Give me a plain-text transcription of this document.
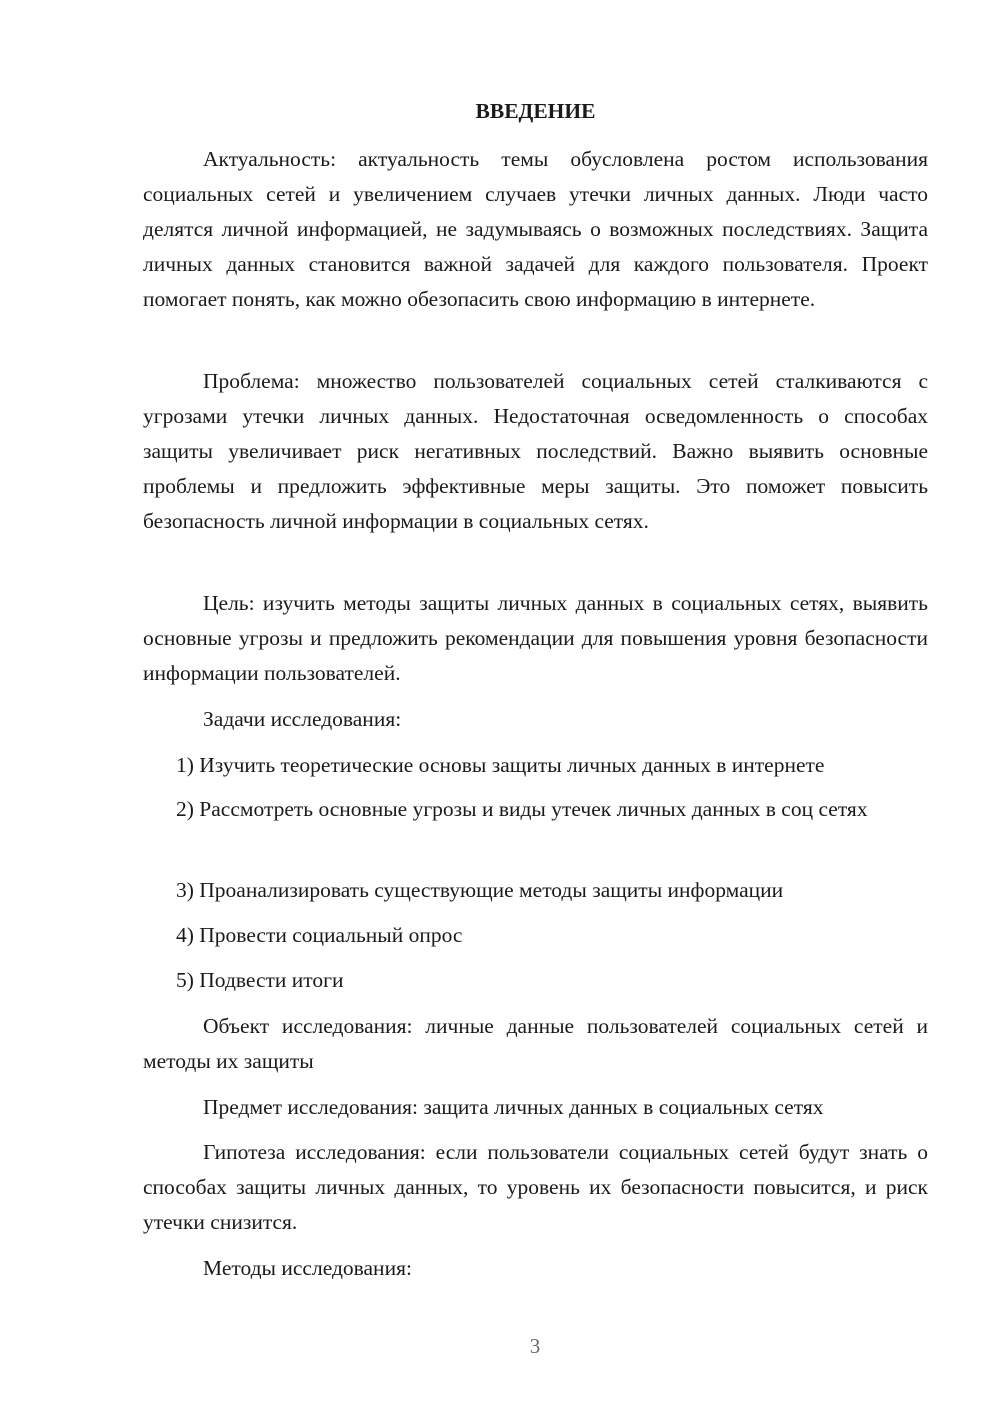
ВВЕДЕНИЕ

Актуальность: актуальность темы обусловлена ростом использования социальных сетей и увеличением случаев утечки личных данных. Люди часто делятся личной информацией, не задумываясь о возможных последствиях. Защита личных данных становится важной задачей для каждого пользователя. Проект помогает понять, как можно обезопасить свою информацию в интернете.

Проблема: множество пользователей социальных сетей сталкиваются с угрозами утечки личных данных. Недостаточная осведомленность о способах защиты увеличивает риск негативных последствий. Важно выявить основные проблемы и предложить эффективные меры защиты. Это поможет повысить безопасность личной информации в социальных сетях.

Цель: изучить методы защиты личных данных в социальных сетях, выявить основные угрозы и предложить рекомендации для повышения уровня безопасности информации пользователей.

Задачи исследования:

1) Изучить теоретические основы защиты личных данных в интернете

2) Рассмотреть основные угрозы и виды утечек личных данных в соц сетях

3) Проанализировать существующие методы защиты информации

4) Провести социальный опрос

5) Подвести итоги

Объект исследования: личные данные пользователей социальных сетей и методы их защиты

Предмет исследования: защита личных данных в социальных сетях

Гипотеза исследования: если пользователи социальных сетей будут знать о способах защиты личных данных, то уровень их безопасности повысится, и риск утечки снизится.

Методы исследования:

3
